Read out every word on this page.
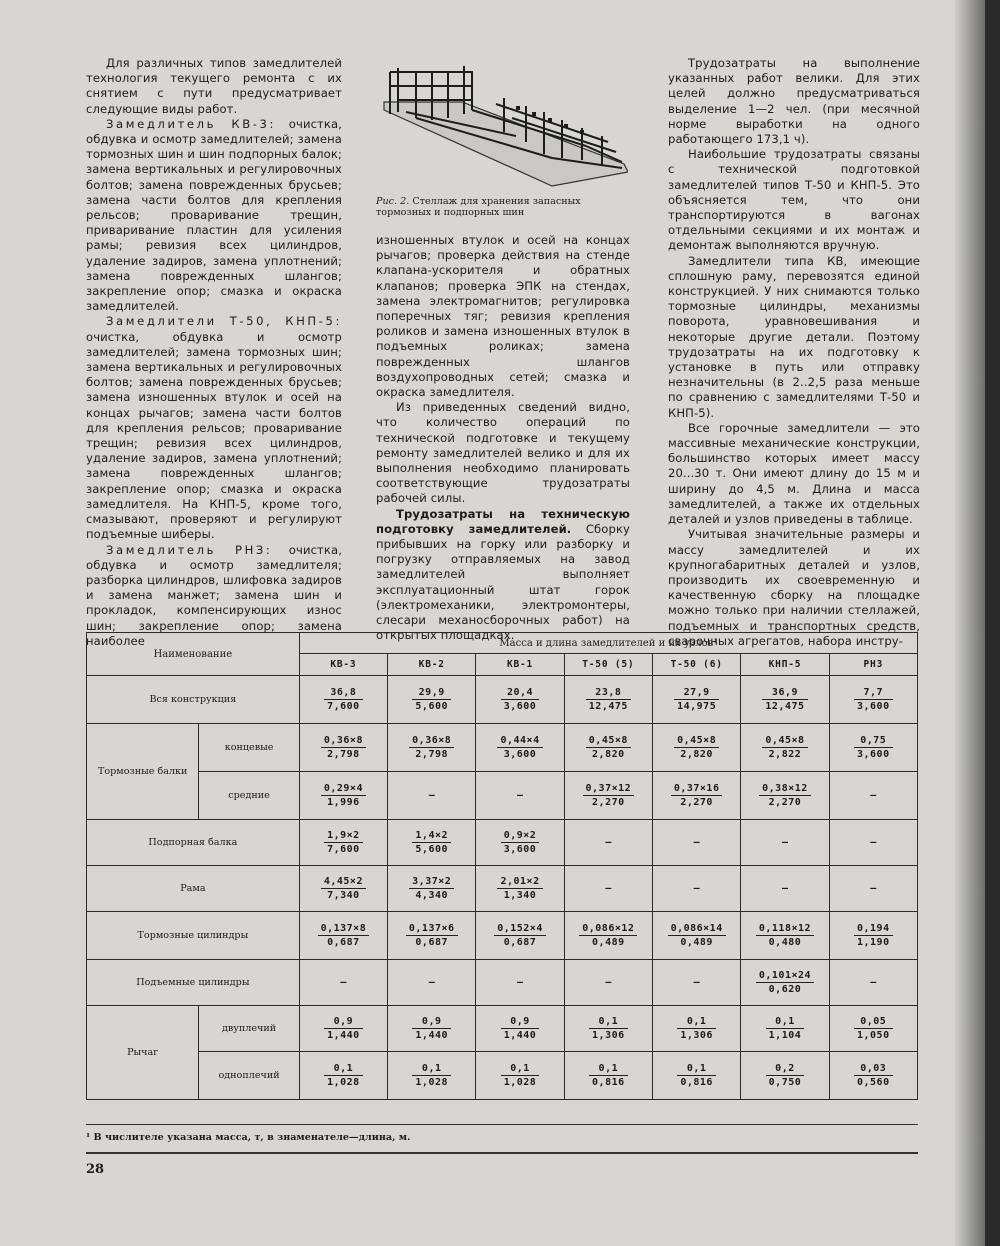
Для различных типов замедлителей технология текущего ремонта с их снятием с пути предусматривает следующие виды работ.

Замедлитель КВ-3: очистка, обдувка и осмотр замедлителей; замена тормозных шин и шин подпорных балок; замена вертикальных и регулировочных болтов; замена поврежденных брусьев; замена части болтов для крепления рельсов; проваривание трещин, приваривание пластин для усиления рамы; ревизия всех цилиндров, удаление задиров, замена уплотнений; замена поврежденных шлангов; закрепление опор; смазка и окраска замедлителей.

Замедлители Т-50, КНП-5: очистка, обдувка и осмотр замедлителей; замена тормозных шин; замена вертикальных и регулировочных болтов; замена поврежденных брусьев; замена изношенных втулок и осей на концах рычагов; замена части болтов для крепления рельсов; проваривание трещин; ревизия всех цилиндров, удаление задиров, замена уплотнений; замена поврежденных шлангов; закрепление опор; смазка и окраска замедлителя. На КНП-5, кроме того, смазывают, проверяют и регулируют подъемные шиберы.

Замедлитель РНЗ: очистка, обдувка и осмотр замедлителя; разборка цилиндров, шлифовка задиров и замена манжет; замена шин и прокладок, компенсирующих износ шин; закрепление опор; замена наиболее

Рис. 2. Стеллаж для хранения запасных тормозных и подпорных шин

изношенных втулок и осей на концах рычагов; проверка действия на стенде клапана-ускорителя и обратных клапанов; проверка ЭПК на стендах, замена электромагнитов; регулировка поперечных тяг; ревизия крепления роликов и замена изношенных втулок в подъемных роликах; замена поврежденных шлангов воздухопроводных сетей; смазка и окраска замедлителя.

Из приведенных сведений видно, что количество операций по технической подготовке и текущему ремонту замедлителей велико и для их выполнения необходимо планировать соответствующие трудозатраты рабочей силы.

Трудозатраты на техническую подготовку замедлителей. Сборку прибывших на горку или разборку и погрузку отправляемых на завод замедлителей выполняет эксплуатационный штат горок (электромеханики, электромонтеры, слесари механосборочных работ) на открытых площадках.

Трудозатраты на выполнение указанных работ велики. Для этих целей должно предусматриваться выделение 1—2 чел. (при месячной норме выработки на одного работающего 173,1 ч).

Наибольшие трудозатраты связаны с технической подготовкой замедлителей типов Т-50 и КНП-5. Это объясняется тем, что они транспортируются в вагонах отдельными секциями и их монтаж и демонтаж выполняются вручную.

Замедлители типа КВ, имеющие сплошную раму, перевозятся единой конструкцией. У них снимаются только тормозные цилиндры, механизмы поворота, уравновешивания и некоторые другие детали. Поэтому трудозатраты на их подготовку к установке в путь или отправку незначительны (в 2..2,5 раза меньше по сравнению с замедлителями Т-50 и КНП-5).

Все горочные замедлители — это массивные механические конструкции, большинство которых имеет массу 20...30 т. Они имеют длину до 15 м и ширину до 4,5 м. Длина и масса замедлителей, а также их отдельных деталей и узлов приведены в таблице.

Учитывая значительные размеры и массу замедлителей и их крупногабаритных деталей и узлов, производить их своевременную и качественную сборку на площадке можно только при наличии стеллажей, подъемных и транспортных средств, сварочных агрегатов, набора инстру-

Наименование		Масса и длина замедлителей и их узлов¹						
		КВ-3	КВ-2	КВ-1	Т-50 (5)	Т-50 (6)	КНП-5	РНЗ
Вся конструкция		$\frac{36,8}{7,600}$	$\frac{29,9}{5,600}$	$\frac{20,4}{3,600}$	$\frac{23,8}{12,475}$	$\frac{27,9}{14,975}$	$\frac{36,9}{12,475}$	$\frac{7,7}{3,600}$

Тормозные балки	концевые	$\frac{0,36\times 8}{2,798}$	$\frac{0,36\times 8}{2,798}$	$\frac{0,44\times 4}{3,600}$	$\frac{0,45\times 8}{2,820}$	$\frac{0,45\times 8}{2,820}$	$\frac{0,45\times 8}{2,822}$	$\frac{0,75}{3,600}$

	средние	$\frac{0,29\times 4}{1,996}$	—	—	$\frac{0,37\times 12}{2,270}$	$\frac{0,37\times 16}{2,270}$	$\frac{0,38\times 12}{2,270}$	—
Подпорная балка		$\frac{1,9\times 2}{7,600}$	$\frac{1,4\times 2}{5,600}$	$\frac{0,9\times 2}{3,600}$	—	—	—	—
Рама		$\frac{4,45\times 2}{7,340}$	$\frac{3,37\times 2}{4,340}$	$\frac{2,01\times 2}{1,340}$	—	—	—	—
Тормозные цилиндры		$\frac{0,137\times 8}{0,687}$	$\frac{0,137\times 6}{0,687}$	$\frac{0,152\times 4}{0,687}$	$\frac{0,086\times 12}{0,489}$	$\frac{0,086\times 14}{0,489}$	$\frac{0,118\times 12}{0,480}$	$\frac{0,194}{1,190}$

Подъемные цилиндры		—	—	—	—	—	$\frac{0,101\times 24}{0,620}$	—
Рычаг	двуплечий	$\frac{0,9}{1,440}$	$\frac{0,9}{1,440}$	$\frac{0,9}{1,440}$	$\frac{0,1}{1,306}$	$\frac{0,1}{1,306}$	$\frac{0,1}{1,104}$	$\frac{0,05}{1,050}$

	одноплечий	$\frac{0,1}{1,028}$	$\frac{0,1}{1,028}$	$\frac{0,1}{1,028}$	$\frac{0,1}{0,816}$	$\frac{0,1}{0,816}$	$\frac{0,2}{0,750}$	$\frac{0,03}{0,560}$
¹ В числителе указана масса, т, в знаменателе—длина, м.
28
